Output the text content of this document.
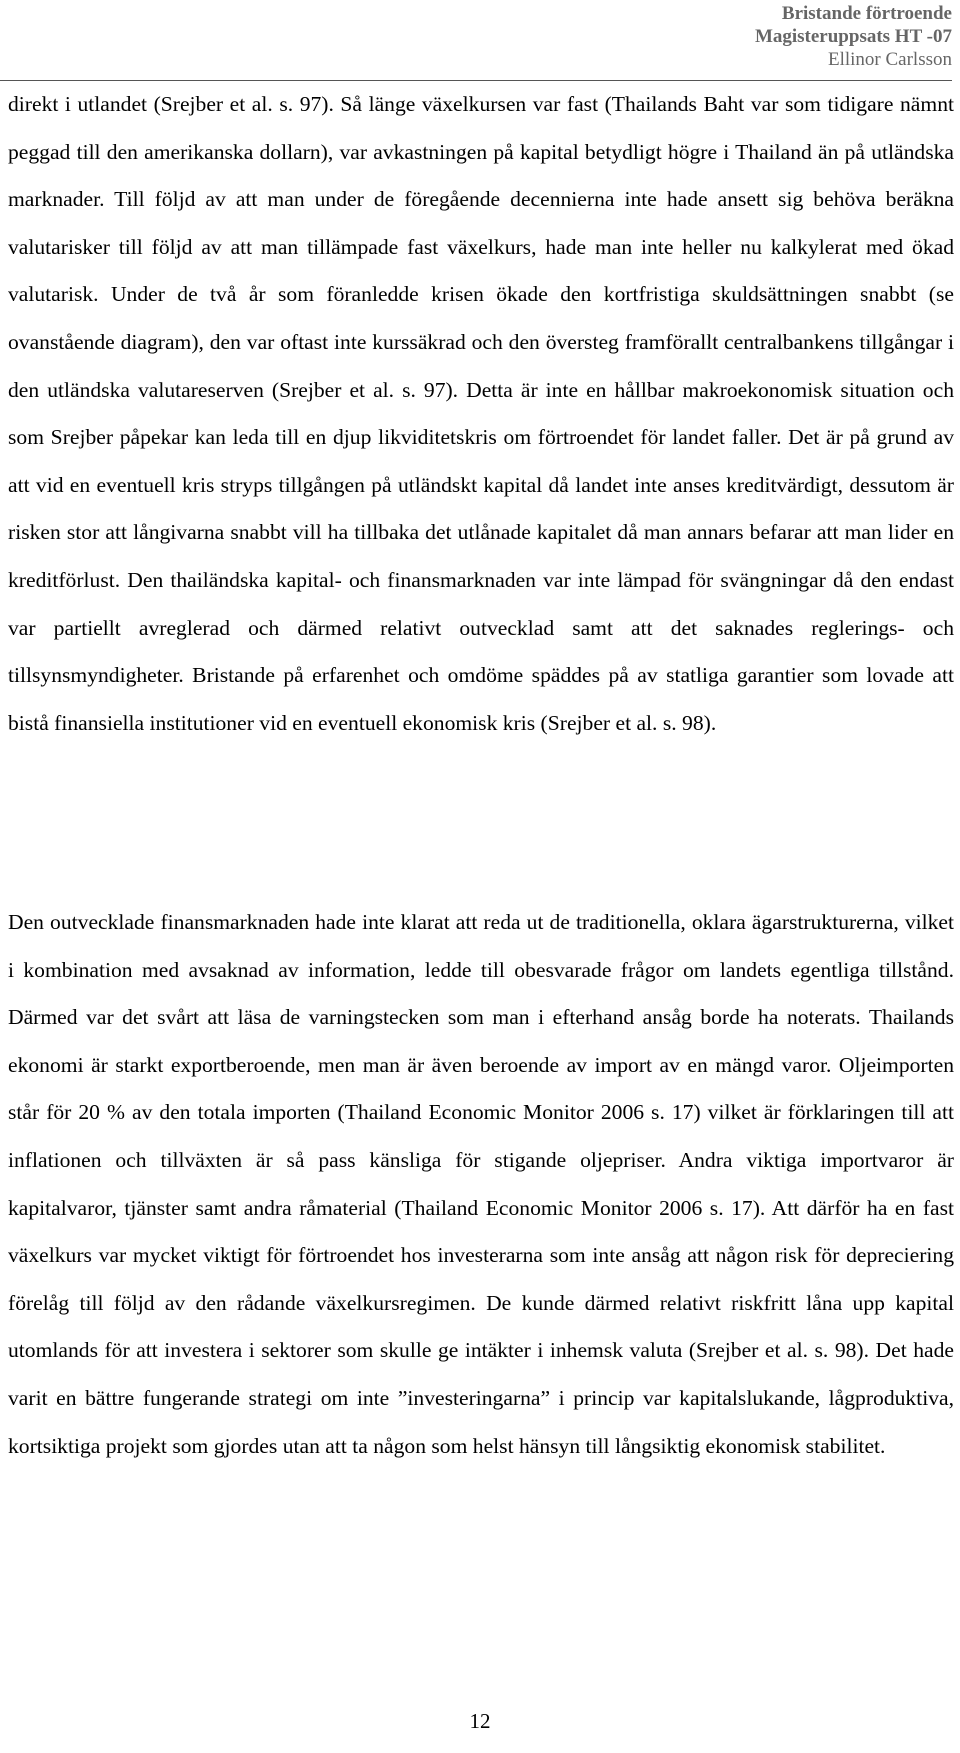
Bristande förtroende
Magisteruppsats HT -07
Ellinor Carlsson

direkt i utlandet (Srejber et al. s. 97). Så länge växelkursen var fast (Thailands Baht var som tidigare nämnt peggad till den amerikanska dollarn), var avkastningen på kapital betydligt högre i Thailand än på utländska marknader. Till följd av att man under de föregående decennierna inte hade ansett sig behöva beräkna valutarisker till följd av att man tillämpade fast växelkurs, hade man inte heller nu kalkylerat med ökad valutarisk. Under de två år som föranledde krisen ökade den kortfristiga skuldsättningen snabbt (se ovanstående diagram), den var oftast inte kurssäkrad och den översteg framförallt centralbankens tillgångar i den utländska valutareserven (Srejber et al. s. 97). Detta är inte en hållbar makroekonomisk situation och som Srejber påpekar kan leda till en djup likviditetskris om förtroendet för landet faller. Det är på grund av att vid en eventuell kris stryps tillgången på utländskt kapital då landet inte anses kreditvärdigt, dessutom är risken stor att långivarna snabbt vill ha tillbaka det utlånade kapitalet då man annars befarar att man lider en kreditförlust. Den thailändska kapital- och finansmarknaden var inte lämpad för svängningar då den endast var partiellt avreglerad och därmed relativt outvecklad samt att det saknades reglerings- och tillsynsmyndigheter. Bristande på erfarenhet och omdöme späddes på av statliga garantier som lovade att bistå finansiella institutioner vid en eventuell ekonomisk kris (Srejber et al. s. 98).

Den outvecklade finansmarknaden hade inte klarat att reda ut de traditionella, oklara ägarstrukturerna, vilket i kombination med avsaknad av information, ledde till obesvarade frågor om landets egentliga tillstånd. Därmed var det svårt att läsa de varningstecken som man i efterhand ansåg borde ha noterats. Thailands ekonomi är starkt exportberoende, men man är även beroende av import av en mängd varor. Oljeimporten står för 20 % av den totala importen (Thailand Economic Monitor 2006 s. 17) vilket är förklaringen till att inflationen och tillväxten är så pass känsliga för stigande oljepriser. Andra viktiga importvaror är kapitalvaror, tjänster samt andra råmaterial (Thailand Economic Monitor 2006 s. 17). Att därför ha en fast växelkurs var mycket viktigt för förtroendet hos investerarna som inte ansåg att någon risk för depreciering förelåg till följd av den rådande växelkursregimen. De kunde därmed relativt riskfritt låna upp kapital utomlands för att investera i sektorer som skulle ge intäkter i inhemsk valuta (Srejber et al. s. 98). Det hade varit en bättre fungerande strategi om inte ”investeringarna” i princip var kapitalslukande, lågproduktiva, kortsiktiga projekt som gjordes utan att ta någon som helst hänsyn till långsiktig ekonomisk stabilitet.

12
